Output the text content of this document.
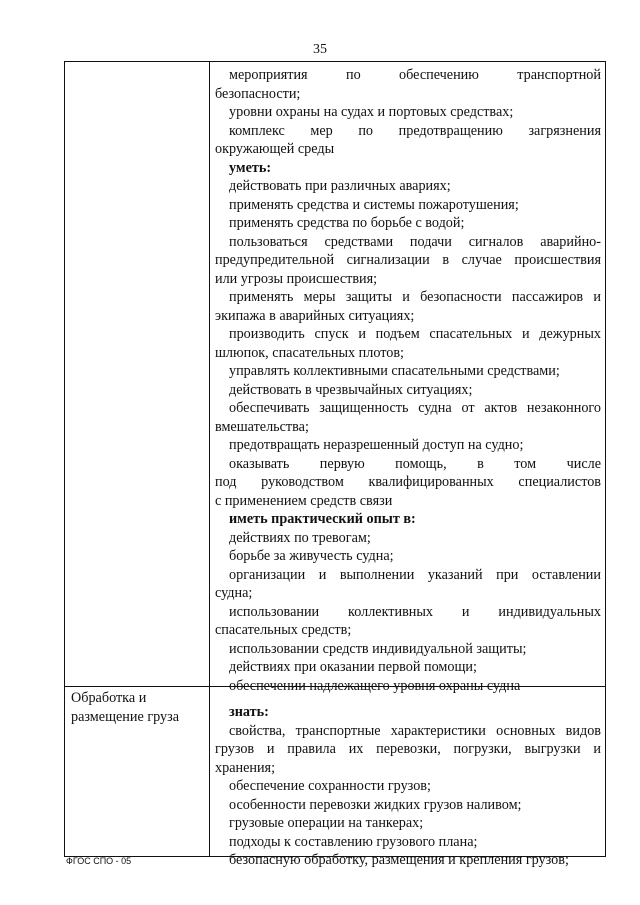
35
Обработка и
размещение груза
мероприятия по обеспечению транспортной
безопасности;
уровни охраны на судах и портовых средствах;
комплекс мер по предотвращению загрязнения
окружающей среды
уметь:
действовать при различных авариях;
применять средства и системы пожаротушения;
применять средства по борьбе с водой;
пользоваться средствами подачи сигналов аварийно-
предупредительной сигнализации в случае происшествия
или угрозы происшествия;
применять меры защиты и безопасности пассажиров и
экипажа в аварийных ситуациях;
производить спуск и подъем спасательных и дежурных
шлюпок, спасательных плотов;
управлять коллективными спасательными средствами;
действовать в чрезвычайных ситуациях;
обеспечивать защищенность судна от актов незаконного
вмешательства;
предотвращать неразрешенный доступ на судно;
оказывать первую помощь, в том числе
под руководством квалифицированных специалистов
с применением средств связи
иметь практический опыт в:
действиях по тревогам;
борьбе за живучесть судна;
организации и выполнении указаний при оставлении
судна;
использовании коллективных и индивидуальных
спасательных средств;
использовании средств индивидуальной защиты;
действиях при оказании первой помощи;
обеспечении надлежащего уровня охраны судна
знать:
свойства, транспортные характеристики основных видов
грузов и правила их перевозки, погрузки, выгрузки и
хранения;
обеспечение сохранности грузов;
особенности перевозки жидких грузов наливом;
грузовые операции на танкерах;
подходы к составлению грузового плана;
безопасную обработку, размещения и крепления грузов;
ФГОС СПО - 05
